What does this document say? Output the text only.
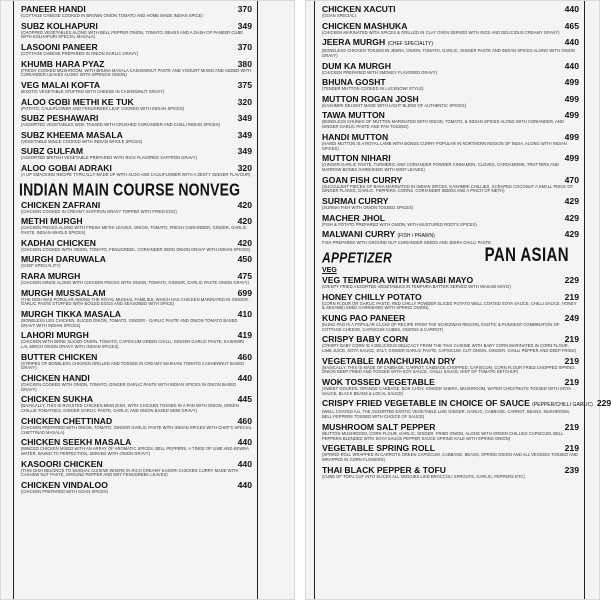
PANEER HANDI	370
(COTTAGE CHEESE COOKED IN BROWN ONION TOMATO AND HOME MADE INDIAN SPICE)
SUBZ KOLHAPURI	349
(CHOPPED VEGETABLES ALONG WITH BELL PEPPER ONION, TOMATO, BEANS AND A DASH OF PANEER CUBE WITH KOLHAPURI SPECIAL MASALA)
LASOONI PANEER	370
(COTTAGE CHEESE PREPARED IN ONION GARLIC GRAVY)
KHUMB HARA PYAZ	380
(FRESH COOKED MUSHROOM, WITH BHUNA MASALA CASHEWNUT PASTE AND YOGURT MIXED AND ADDED WITH CORIANDER LEAVES ALONG WITH SPRINGS ONION)
VEG MALAI KOFTA	375
(EXOTIC VEGETABLE STUFFED WITH CHEESE IN CASHEWNUT GRAVY)
ALOO GOBI METHI KE TUK	320
(POTATO, CAULIFLOWER AND FENUGREEK LEAF COOKED WITH INDIAN SPICES)
SUBZ PESHAWARI	349
(ASSORTED VEGETABLES WOK TOSSED WITH CRUSHED CORIANDER AND CHILLI INDIAN SPICES)
SUBZ KHEEMA MASALA	349
(VEGETABLE MINCE COOKED WITH INDIAN WHOLE SPICES)
SUBZ GULFAM	349
(ASSORTED BRITISH VEGETABLE PREPARED WITH RICH FLAVORED SAFFRON GRAVY)
ALOO GOBAI ADRAKI	320
(A UP SMACKING RECIPE TYPICALLY MADE UP WITH ALOO AND CAULIFLOWER WITH A ZESTY GINGER FLAVOUR)
INDIAN MAIN COURSE NONVEG
CHICKEN ZAFRANI	420
(CHICKEN COOKED IN CREAMY SAFFRON GRAVY TOPPED WITH FRIED EGG)
METHI MURGH	420
(CHICKEN PIECES ALONG WITH FRESH METHI LEAVES, ONION, TOMATO, FRESH CORIANDER, GINGER, GARLIC PASTE, INDIAN WHOLE SPICES)
KADHAI CHICKEN	420
(CHICKEN COOKED WITH ONION, TOMATO, FENUGREEK, CORIANDER SEED ONION GRAVY WITH INDIAN SPICES)
MURGH DARUWALA	450
(CHEF SPECIALITY)
RARA MURGH	475
(CHICKEN MINCE ALONG WITH CHICKEN PIECES WITH ONION, TOMATO, GINGER, GARLIC PASTE ONION GRAVY)
MURGH MUSSALAM	699
(THE DISH WAS POPULAR AMONG THE ROYAL MUGHAL FAMILIES, WHICH HAS CHICKEN MARINATED IN GINGER - GARLIC PASTE STUFFED WITH BOILED EGGS AND SEASONED WITH SPICE)
MURGH TIKKA MASALA	410
(BONELESS LEG CHICKEN, SLICED ONION, TOMATO, GINGER - GARLIC PASTE AND ONION TOMATO BASED GRAVY WITH INDIAN SPICES)
LAHORI MURGH	419
(CHICKEN WITH BONE SLICED ONION, TOMATO, CAPSICUM GREEN CHILLI, GINGER GARLIC PASTE, KASHMIRI LAL MIRCH ONION GRAVY WITH INDIAN SPICES)
BUTTER CHICKEN	460
(STRIPES OF BONELESS CHICKEN GRILLED AND TOSSED IN CREAMY MAKHANI TOMATO CASHEWNUT BASED GRAVY)
CHICKEN HANDI	440
(CHICKEN COOKED WITH ONION, TOMATO, GINGER GARLIC PASTE WITH INDIAN SPICES IN ONION BASED GRAVY)
CHICKEN SUKHA	445
(BASICALLY, THIS IS ROASTED CHICKEN MEIN DISH, WITH CHICKEN TOSSED IN A PAN WITH ONION, GREEN CHILLIE TOMATOES, GINGER GARLIC PASTE, GARLIC AND ONION BASED SEMI GRAVY)
CHICKEN CHETTINAD	460
(CHICKEN PREPARED WITH ONION, TOMATO, GINGER GARLIC PASTE WITH INDIAN SPICES WITH CHEF'S SPECIAL CHETTINAD MASALA)
CHICKEN SEEKH MASALA	440
(MINCED CHICKEN MIXED WITH AN ARRAY OF AROMATIC SPICES, BELL PEPPERS, A TINGE OF LIME AND KEWRA WATER, BAKED TO PERFECTION, SERVED WITH ONION GRAVY)
KASOORI CHICKEN	440
(THIS DISH BELONGS TO MUGHAL CUISINE WHERE IN RICH CREAMY KASORI CHICKEN CURRY MADE WITH CASHEW NUT PASTE, GROUND PEPPER AND DRY FENUGREEK LEAVES)
CHICKEN VINDALOO	440
(CHICKEN PREPARED WITH GOAN SPICES)
CHICKEN XACUTI	440
(GOAN SPECIAL)
CHICKEN MASHUKA	465
(CHICKEN MARINATED WITH SPICES & GRILLED IN CLAY OVEN SERVED WITH RICE AND DELICIOUS CREAMY GRAVY)
JEERA MURGH (CHEF SPECIALTY)	440
(BONELESS CHICKEN TOSSED IN JEERA, ONION, TOMATO, GARLIC, GINGER PASTE AND INDIAN SPICES ALONG WITH ONION GRAVY)
DUM KA MURGH	440
(CHICKEN PREPARED WITH SMOKEY FLAVORED GRAVY)
BHUNA GOSHT	499
(TENDER MUTTON COOKED IN LUCKNOWI STYLE)
MUTTON ROGAN JOSH	499
(KASHMIRI DELIGHT MADE WITH LIGHT BLEND OF AUTHENTIC SPICES)
TAWA MUTTON	499
(BONELESS CHUNKS OF MUTTON MARINATED WITH ONION, TOMATO, & INDIAN SPICES ALONG WITH CORIANDER, AND GINGER GARLIC PASTE AND PAN TOSSED)
HANDI MUTTON	499
(HANDI MUTTON IS A ROYAL LAMB WITH BONES CURRY POPULAR IN NORTHERN REGION OF INDIA, ALONG WITH INDIAN SPICES)
MUTTON NIHARI	499
(GINGER-GARLIC PASTE, TURMERIC AND CORIANDER POWDER CINNAMON, CLOVES, CARDAMOMS, TRUTTERS AND MARROW BONES GARNISHED WITH MINT LEAVES)
GOAN FISH CURRY	470
(SUCCULENT PIECES OF BASA MARINATED IN INDIAN SPICES, KASHMIRI CHILLIES, SCRAPED COCONUT A SMALL PIECE OF GINGER FLAKES, GARLIC, PEPPERS, CORNS, CORIANDER SEEDS AND A PINCH OF METH)
SURMAI CURRY	429
(SURMAI FISH WITH ONION TOSSED SPICES)
MACHER JHOL	429
(FISH & POTATO PREPARED WITH ONION, WITH MUSTURED ROOTS SPICES)
MALWANI CURRY (FISH / PRAWN)	429
FISH PREPARED WITH GROUND NUT CORIANDER SEEDS AND JEERA CHILLI PASTE
APPETIZER	PAN ASIAN
VEG
VEG TEMPURA WITH WASABI MAYO	229
(CRISPY FRIED ASSORTED VEGETABLES IN TEMPURA BATTER SERVED WITH WASABI MAYO)
HONEY CHILLY POTATO	219
(CORN FLOUR OR GARLIC PASTE, RED CHILLY POWDER SLICED POTATO WELL COATED SOYA SAUCE, CHILLI SAUCE, HONEY & SESAME) SEED GARNISHED WITH SPRING ONION)
KUNG PAO PANEER	249
(KUNG PAO IS A POPULAR CLASS OF RECIPE FROM THE SCHEZWAN REGION, EXOTIC & PUNGENT COMBINATION OF COTTAGE CHEESE, CAPSICUM CUBES, ONIONS & CARROT)
CRISPY BABY CORN	219
(CRISPY BABY CORN IS A DELICIOUS DELICACY FROM THE THAI CUISINE WITH BABY CORN MARINATED IN CORN FLOUR, LIME JUICE, SOYA SAUCE, SALT, GINGER GARLIC PASTE, CAPSICUM, CUT ONION, GINGER, CHILLI PEPPER AND DEEP FRIED)
VEGETABLE MANCHURIAN DRY	219
(BASICALLY, THIS IS MADE OF CABBAGE, CARROT, CABBAGE CHOPPED, CAPSICUM, CORN FLOUR FRIED CHOPPED SPRING ONION DEEP FRIED AND TOSSED WITH SOY SAUCE, CHILLI SAUCE, HINT OF TOMATO KETCHUP)
WOK TOSSED VEGETABLE	219
(SWEET GOURDS, ORANGE CABBAGE, BOK CHOY, GINGER SHERA, MUSHROOM, WATER CHESTNUTS TOSSED WITH SOYA SAUCE, BLACK BEANS & LOCAL SAUCE)
CRISPY FRIED VEGETABLE IN CHOICE OF SAUCE (PEPPER/CHILLI GARLIC) 229
(WELL COATED ALL THE ASSORTED EXOTIC VEGETABLE LIKE GINGER, GARLIC, CABBAGE, CARROT, BEANS, MUSHROOM, BELL PEPPERS TOSSED WITH CHOICE OF SAUCE)
MUSHROOM SALT PEPPER	219
(BUTTON MUSHROOM, CORN FLOUR, GARLIC, GINGER, FRIED ONION, ALONG WITH GREEN CHILLIES CAPSICUM, BELL PEPPERS BLENDED WITH SOYA SAUCE PEPPER SAUCE SPRING KALE WITH SPRING ONION)
VEGETABLE SPRING ROLL	219
(SPRING ROLL WRAPPED IN CARROTS GREEN CAPSICUM, CABBAGE, BEANS, SPRING ONION AND ALL VEGGIES TOSSED AND WRAPPED IN CORN FLOWERS)
THAI BLACK PEPPER & TOFU	239
(CUBE OF TOFU CUT INTO SLICES ALL VEGGIES LIKE BROCCOLI SPROUTS, GARLIC, PEPPERS ETC)
